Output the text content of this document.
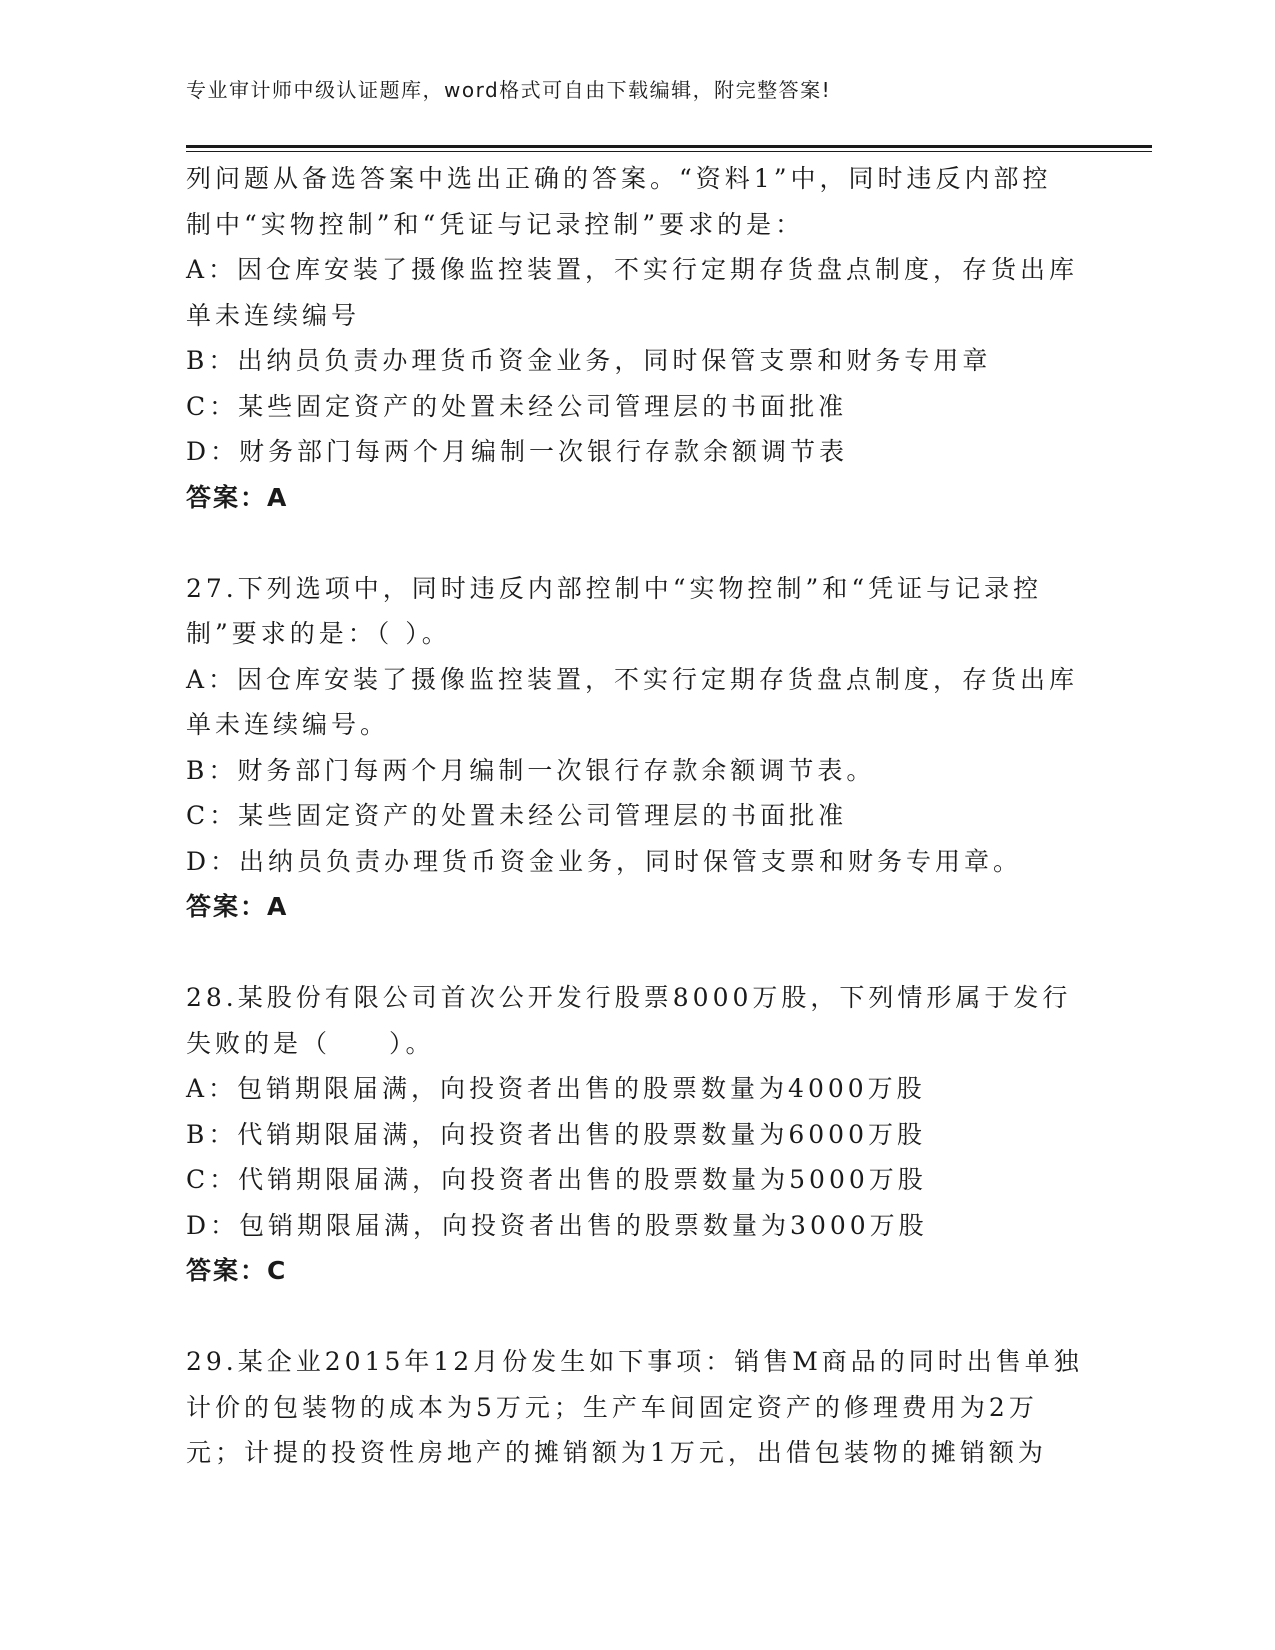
专业审计师中级认证题库，word格式可自由下载编辑，附完整答案!
列问题从备选答案中选出正确的答案。“资料1”中，同时违反内部控
制中“实物控制”和“凭证与记录控制”要求的是：
A：因仓库安装了摄像监控装置，不实行定期存货盘点制度，存货出库
单未连续编号
B：出纳员负责办理货币资金业务，同时保管支票和财务专用章
C：某些固定资产的处置未经公司管理层的书面批准
D：财务部门每两个月编制一次银行存款余额调节表
答案：A
27.下列选项中，同时违反内部控制中“实物控制”和“凭证与记录控
制”要求的是：（ ）。
A：因仓库安装了摄像监控装置，不实行定期存货盘点制度，存货出库
单未连续编号。
B：财务部门每两个月编制一次银行存款余额调节表。
C：某些固定资产的处置未经公司管理层的书面批准
D：出纳员负责办理货币资金业务，同时保管支票和财务专用章。
答案：A
28.某股份有限公司首次公开发行股票8000万股，下列情形属于发行
失败的是（　　）。
A：包销期限届满，向投资者出售的股票数量为4000万股
B：代销期限届满，向投资者出售的股票数量为6000万股
C：代销期限届满，向投资者出售的股票数量为5000万股
D：包销期限届满，向投资者出售的股票数量为3000万股
答案：C
29.某企业2015年12月份发生如下事项：销售M商品的同时出售单独
计价的包装物的成本为5万元；生产车间固定资产的修理费用为2万
元；计提的投资性房地产的摊销额为1万元，出借包装物的摊销额为
